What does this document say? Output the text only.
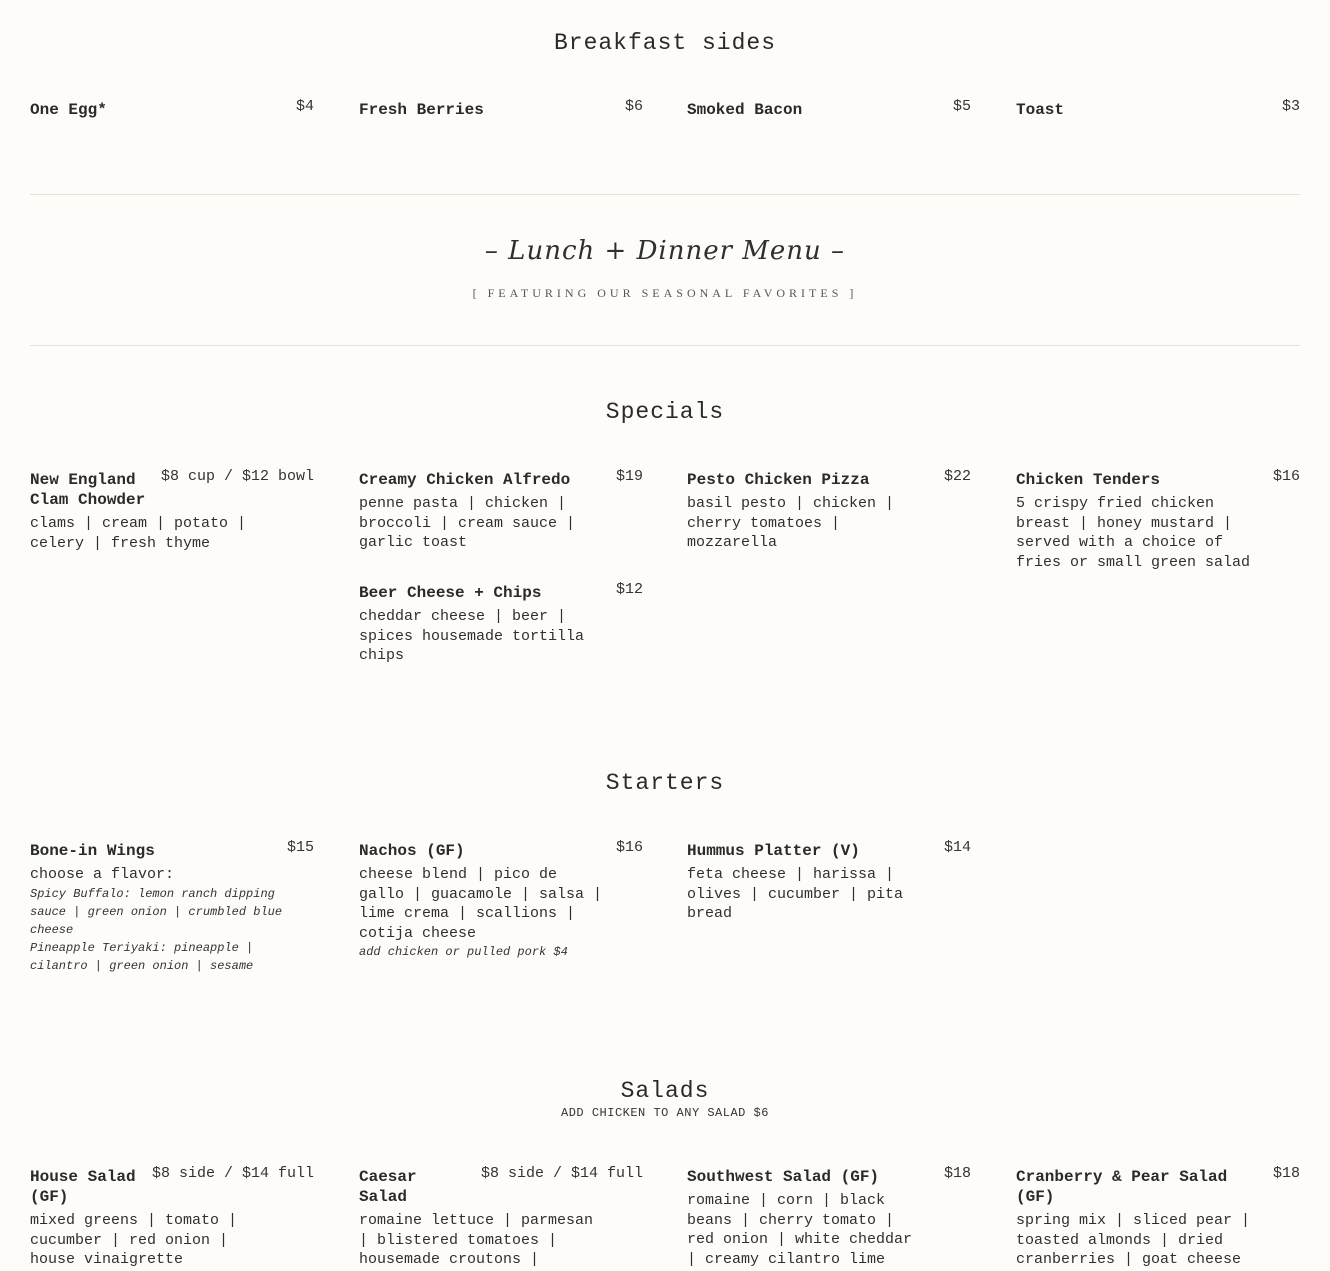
Breakfast sides
One Egg*	$4	Fresh Berries	$6	Smoked Bacon	$5	Toast	$3
– Lunch + Dinner Menu –
[ FEATURING OUR SEASONAL FAVORITES ]
Specials
New England Clam Chowder
$8 cup / $12 bowl
clams | cream | potato | celery | fresh thyme
Creamy Chicken Alfredo	$19
penne pasta | chicken | broccoli | cream sauce | garlic toast
Pesto Chicken Pizza	$22
basil pesto | chicken | cherry tomatoes | mozzarella
Chicken Tenders	$16
5 crispy fried chicken breast | honey mustard | served with a choice of fries or small green salad
Beer Cheese + Chips	$12
cheddar cheese | beer | spices housemade tortilla chips
Starters
Bone-in Wings	$15
choose a flavor:
Spicy Buffalo: lemon ranch dipping sauce | green onion | crumbled blue cheese
Pineapple Teriyaki: pineapple | cilantro | green onion | sesame
Nachos (GF)	$16
cheese blend | pico de gallo | guacamole | salsa | lime crema | scallions | cotija cheese
add chicken or pulled pork $4
Hummus Platter (V)	$14
feta cheese | harissa | olives | cucumber | pita bread
Salads
ADD CHICKEN TO ANY SALAD $6
House Salad (GF)
$8 side / $14 full
mixed greens | tomato | cucumber | red onion | house vinaigrette
Caesar Salad
$8 side / $14 full
romaine lettuce | parmesan | blistered tomatoes | housemade croutons |
Southwest Salad (GF)	$18
romaine | corn | black beans | cherry tomato | red onion | white cheddar | creamy cilantro lime
Cranberry & Pear Salad (GF)
$18
spring mix | sliced pear | toasted almonds | dried cranberries | goat cheese
